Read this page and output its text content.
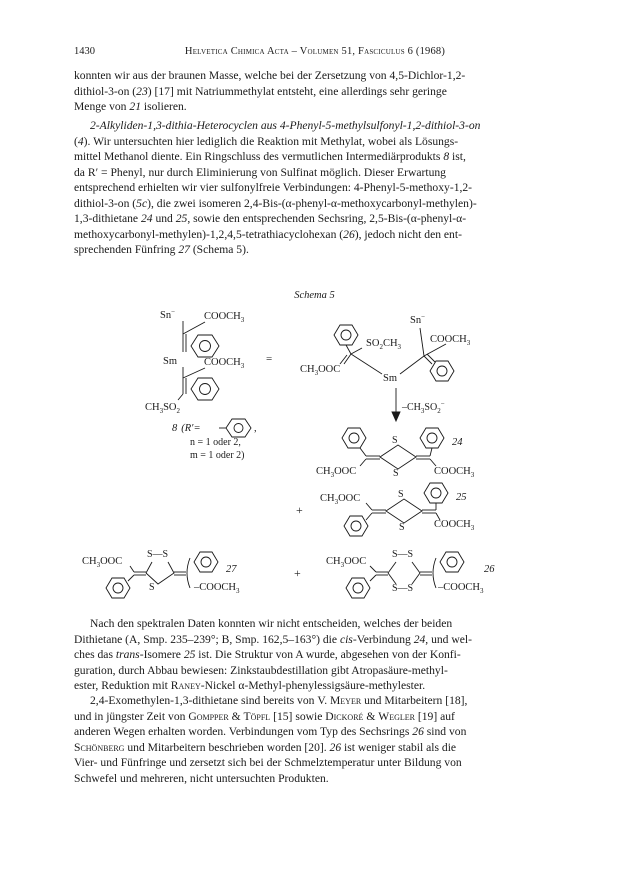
1430	Helvetica Chimica Acta – Volumen 51, Fasciculus 6 (1968)

konnten wir aus der braunen Masse, welche bei der Zersetzung von 4,5-Dichlor-1,2-

dithiol-3-on (23) [17] mit Natriummethylat entsteht, eine allerdings sehr geringe

Menge von 21 isolieren.

2-Alkyliden-1,3-dithia-Heterocyclen aus 4-Phenyl-5-methylsulfonyl-1,2-dithiol-3-on

(4). Wir untersuchten hier lediglich die Reaktion mit Methylat, wobei als Lösungs-

mittel Methanol diente. Ein Ringschluss des vermutlichen Intermediärprodukts 8 ist,

da R′ = Phenyl, nur durch Eliminierung von Sulfinat möglich. Dieser Erwartung

entsprechend erhielten wir vier sulfonylfreie Verbindungen: 4-Phenyl-5-methoxy-1,2-

dithiol-3-on (5c), die zwei isomeren 2,4-Bis-(α-phenyl-α-methoxycarbonyl-methylen)-

1,3-dithietane 24 und 25, sowie den entsprechenden Sechsring, 2,5-Bis-(α-phenyl-α-

methoxycarbonyl-methylen)-1,2,4,5-tetrathiacyclohexan (26), jedoch nicht den ent-

sprechenden Fünfring 27 (Schema 5).

Schema 5
Sn−	$COOCH_3$
Sm	$COOCH_3$
$CH_3SO_2$
8 (R′=	,
n = 1 oder 2,
m = 1 oder 2)
=
Sn−
$SO_2CH_3$
$CH_3OOC$
Sm
$COOCH_3$
$-CH_3SO_2^-$
S
S
$CH_3OOC$	$COOCH_3$
24
$CH_3OOC$	S
S	$COOCH_3$
25
+
$CH_3OOC$
S—S
S	$-COOCH_3$
27	+
$CH_3OOC$
S—S
S—S $-COOCH_3$
26

Nach den spektralen Daten konnten wir nicht entscheiden, welches der beiden

Dithietane (A, Smp. 235–239°; B, Smp. 162,5–163°) die cis-Verbindung 24, und wel-

ches das trans-Isomere 25 ist. Die Struktur von A wurde, abgesehen von der Konfi-

guration, durch Abbau bewiesen: Zinkstaubdestillation gibt Atropasäure-methyl-

ester, Reduktion mit Raney-Nickel α-Methyl-phenylessigsäure-methylester.

2,4-Exomethylen-1,3-dithietane sind bereits von V. Meyer und Mitarbeitern [18],

und in jüngster Zeit von Gompper & Töpfl [15] sowie Dickoré & Wegler [19] auf

anderen Wegen erhalten worden. Verbindungen vom Typ des Sechsrings 26 sind von

Schönberg und Mitarbeitern beschrieben worden [20]. 26 ist weniger stabil als die

Vier- und Fünfringe und zersetzt sich bei der Schmelztemperatur unter Bildung von

Schwefel und mehreren, nicht untersuchten Produkten.
